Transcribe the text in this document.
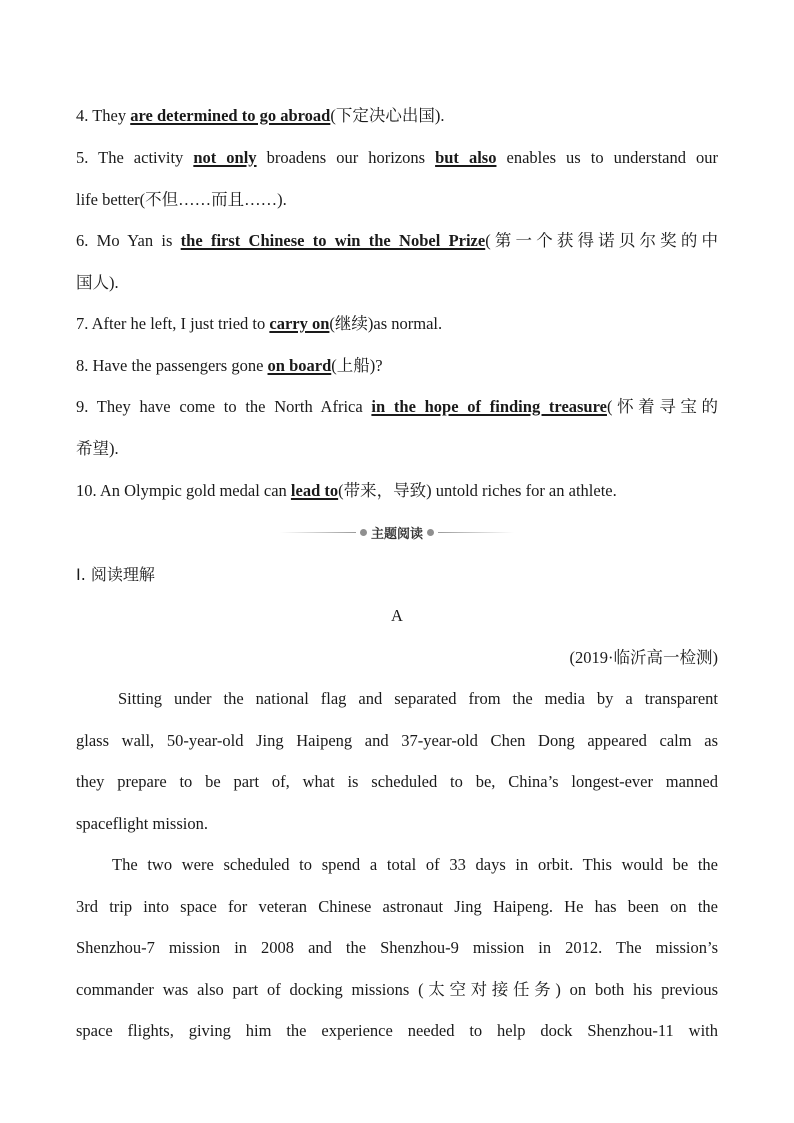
4. They are determined to go abroad(下定决心出国).
5. The activity not only broadens our horizons but also enables us to understand our
life better(不但……而且……).
6. Mo Yan is the first Chinese to win the Nobel Prize(第一个获得诺贝尔奖的中
国人).
7. After he left, I just tried to carry on(继续)as normal.
8. Have the passengers gone on board(上船)?
9. They have come to the North Africa in the hope of finding treasure(怀着寻宝的
希望).
10. An Olympic gold medal can lead to(带来，导致) untold riches for an athlete.
主题阅读
Ⅰ. 阅读理解
A
(2019·临沂高一检测)
Sitting under the national flag and separated from the media by a transparent
glass wall, 50-year-old Jing Haipeng and 37-year-old Chen Dong appeared calm as
they prepare to be part of, what is scheduled to be, China’s longest-ever manned
spaceflight mission.
The two were scheduled to spend a total of 33 days in orbit. This would be the
3rd trip into space for veteran Chinese astronaut Jing Haipeng. He has been on the
Shenzhou-7 mission in 2008 and the Shenzhou-9 mission in 2012. The mission’s
commander was also part of docking missions (太空对接任务) on both his previous
space flights, giving him the experience needed to help dock Shenzhou-11 with
